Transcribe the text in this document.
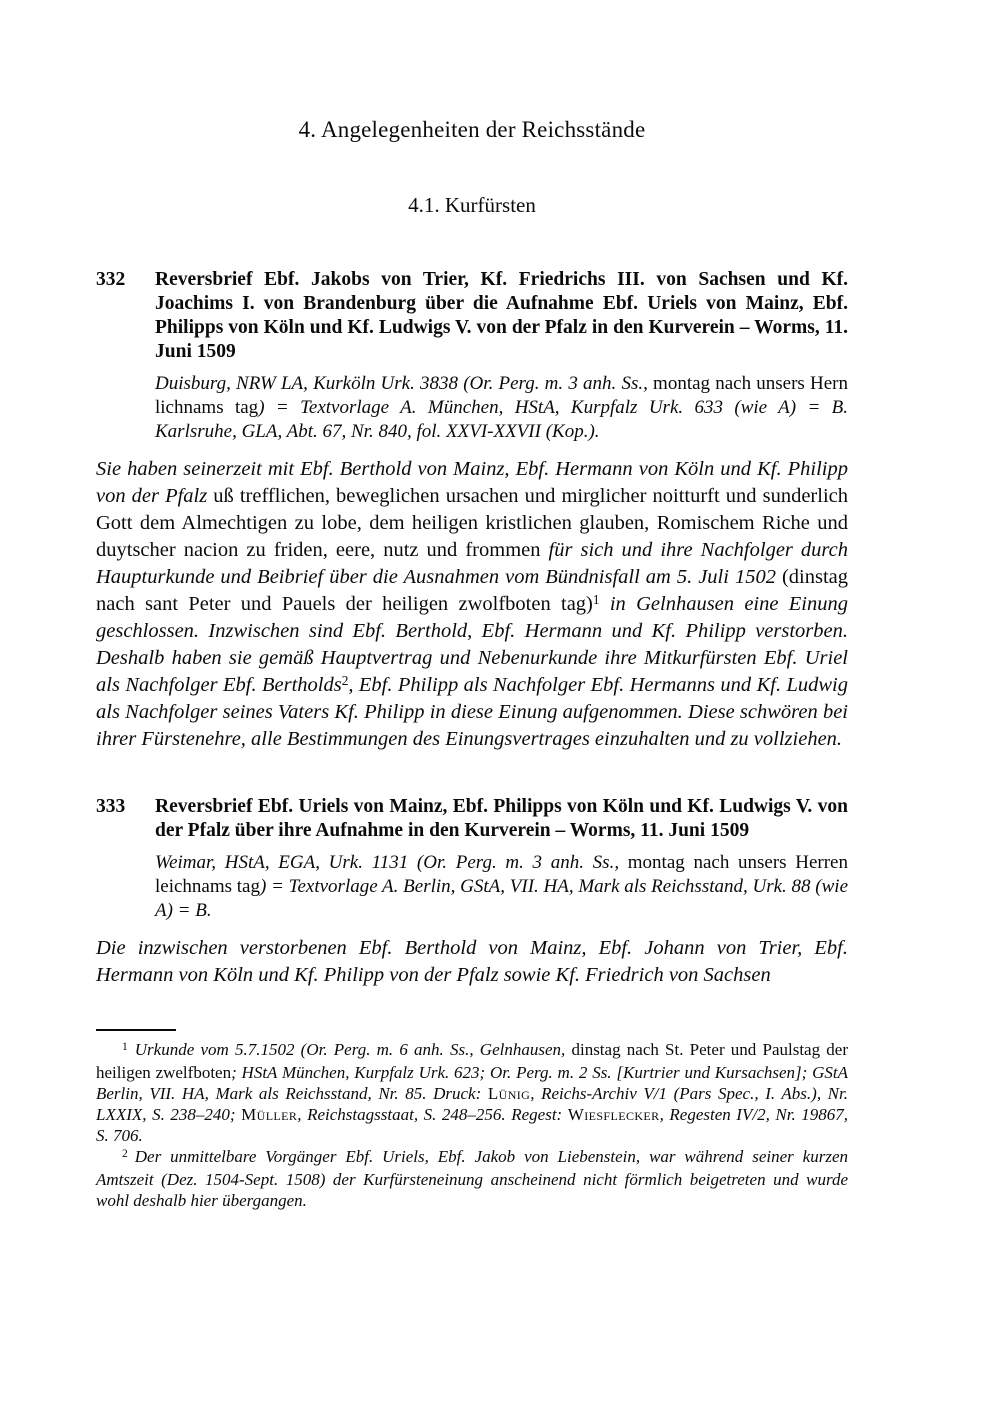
4. Angelegenheiten der Reichsstände
4.1. Kurfürsten
332	Reversbrief Ebf. Jakobs von Trier, Kf. Friedrichs III. von Sachsen und Kf. Joachims I. von Brandenburg über die Aufnahme Ebf. Uriels von Mainz, Ebf. Philipps von Köln und Kf. Ludwigs V. von der Pfalz in den Kurverein – Worms, 11. Juni 1509

Duisburg, NRW LA, Kurköln Urk. 3838 (Or. Perg. m. 3 anh. Ss., montag nach unsers Hern lichnams tag) = Textvorlage A. München, HStA, Kurpfalz Urk. 633 (wie A) = B. Karlsruhe, GLA, Abt. 67, Nr. 840, fol. XXVI-XXVII (Kop.).

Sie haben seinerzeit mit Ebf. Berthold von Mainz, Ebf. Hermann von Köln und Kf. Philipp von der Pfalz uß trefflichen, beweglichen ursachen und mirglicher noitturft und sunderlich Gott dem Almechtigen zu lobe, dem heiligen kristlichen glauben, Romischem Riche und duytscher nacion zu friden, eere, nutz und frommen für sich und ihre Nachfolger durch Haupturkunde und Beibrief über die Ausnahmen vom Bündnisfall am 5. Juli 1502 (dinstag nach sant Peter und Pauels der heiligen zwolfboten tag)$^1$ in Gelnhausen eine Einung geschlossen. Inzwischen sind Ebf. Berthold, Ebf. Hermann und Kf. Philipp verstorben. Deshalb haben sie gemäß Hauptvertrag und Nebenurkunde ihre Mitkurfürsten Ebf. Uriel als Nachfolger Ebf. Bertholds$^2$, Ebf. Philipp als Nachfolger Ebf. Hermanns und Kf. Ludwig als Nachfolger seines Vaters Kf. Philipp in diese Einung aufgenommen. Diese schwören bei ihrer Fürstenehre, alle Bestimmungen des Einungsvertrages einzuhalten und zu vollziehen.

333	Reversbrief Ebf. Uriels von Mainz, Ebf. Philipps von Köln und Kf. Ludwigs V. von der Pfalz über ihre Aufnahme in den Kurverein – Worms, 11. Juni 1509

Weimar, HStA, EGA, Urk. 1131 (Or. Perg. m. 3 anh. Ss., montag nach unsers Herren leichnams tag) = Textvorlage A. Berlin, GStA, VII. HA, Mark als Reichsstand, Urk. 88 (wie A) = B.

Die inzwischen verstorbenen Ebf. Berthold von Mainz, Ebf. Johann von Trier, Ebf. Hermann von Köln und Kf. Philipp von der Pfalz sowie Kf. Friedrich von Sachsen

$^1$ Urkunde vom 5.7.1502 (Or. Perg. m. 6 anh. Ss., Gelnhausen, dinstag nach St. Peter und Paulstag der heiligen zwelfboten; HStA München, Kurpfalz Urk. 623; Or. Perg. m. 2 Ss. [Kurtrier und Kursachsen]; GStA Berlin, VII. HA, Mark als Reichsstand, Nr. 85. Druck: Lünig, Reichs-Archiv V/1 (Pars Spec., I. Abs.), Nr. LXXIX, S. 238–240; Müller, Reichstagsstaat, S. 248–256. Regest: Wiesflecker, Regesten IV/2, Nr. 19867, S. 706.

$^2$ Der unmittelbare Vorgänger Ebf. Uriels, Ebf. Jakob von Liebenstein, war während seiner kurzen Amtszeit (Dez. 1504-Sept. 1508) der Kurfürsteneinung anscheinend nicht förmlich beigetreten und wurde wohl deshalb hier übergangen.
